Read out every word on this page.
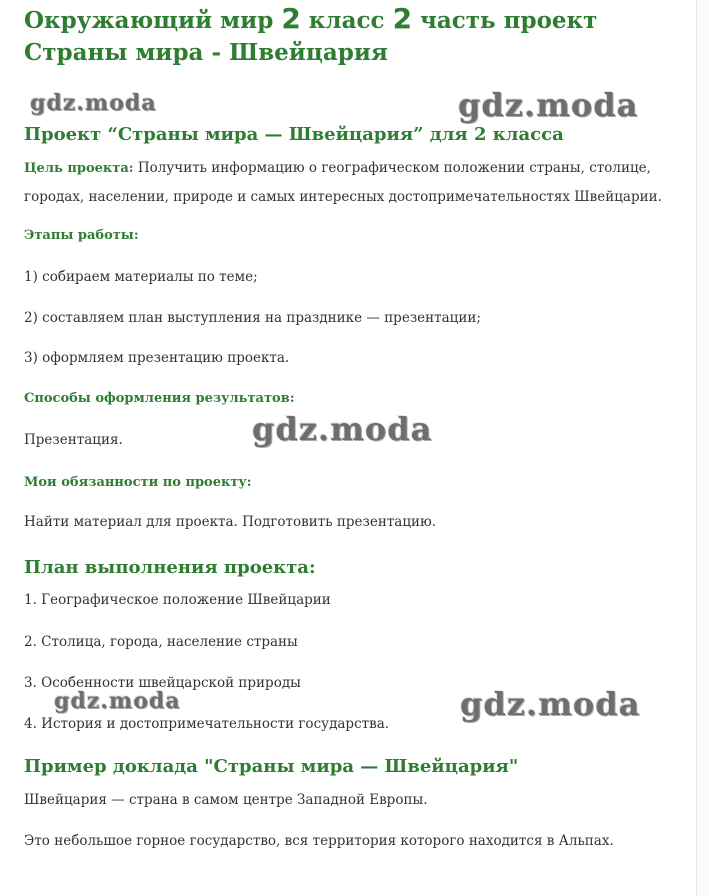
Окружающий мир 2 класс 2 часть проект Страны мира - Швейцария
gdz.moda	gdz.moda
gdz.moda
gdz.moda	gdz.moda
Проект “Страны мира — Швейцария” для 2 класса

Цель проекта: Получить информацию о географическом положении страны, столице, городах, населении, природе и самых интересных достопримечательностях Швейцарии.

Этапы работы:

1) собираем материалы по теме;

2) составляем план выступления на празднике — презентации;

3) оформляем презентацию проекта.

Способы оформления результатов:

Презентация.

Мои обязанности по проекту:

Найти материал для проекта. Подготовить презентацию.

План выполнения проекта:

1. Географическое положение Швейцарии

2. Столица, города, население страны

3. Особенности швейцарской природы

4. История и достопримечательности государства.

Пример доклада "Страны мира — Швейцария"

Швейцария — страна в самом центре Западной Европы.

Это небольшое горное государство, вся территория которого находится в Альпах.
